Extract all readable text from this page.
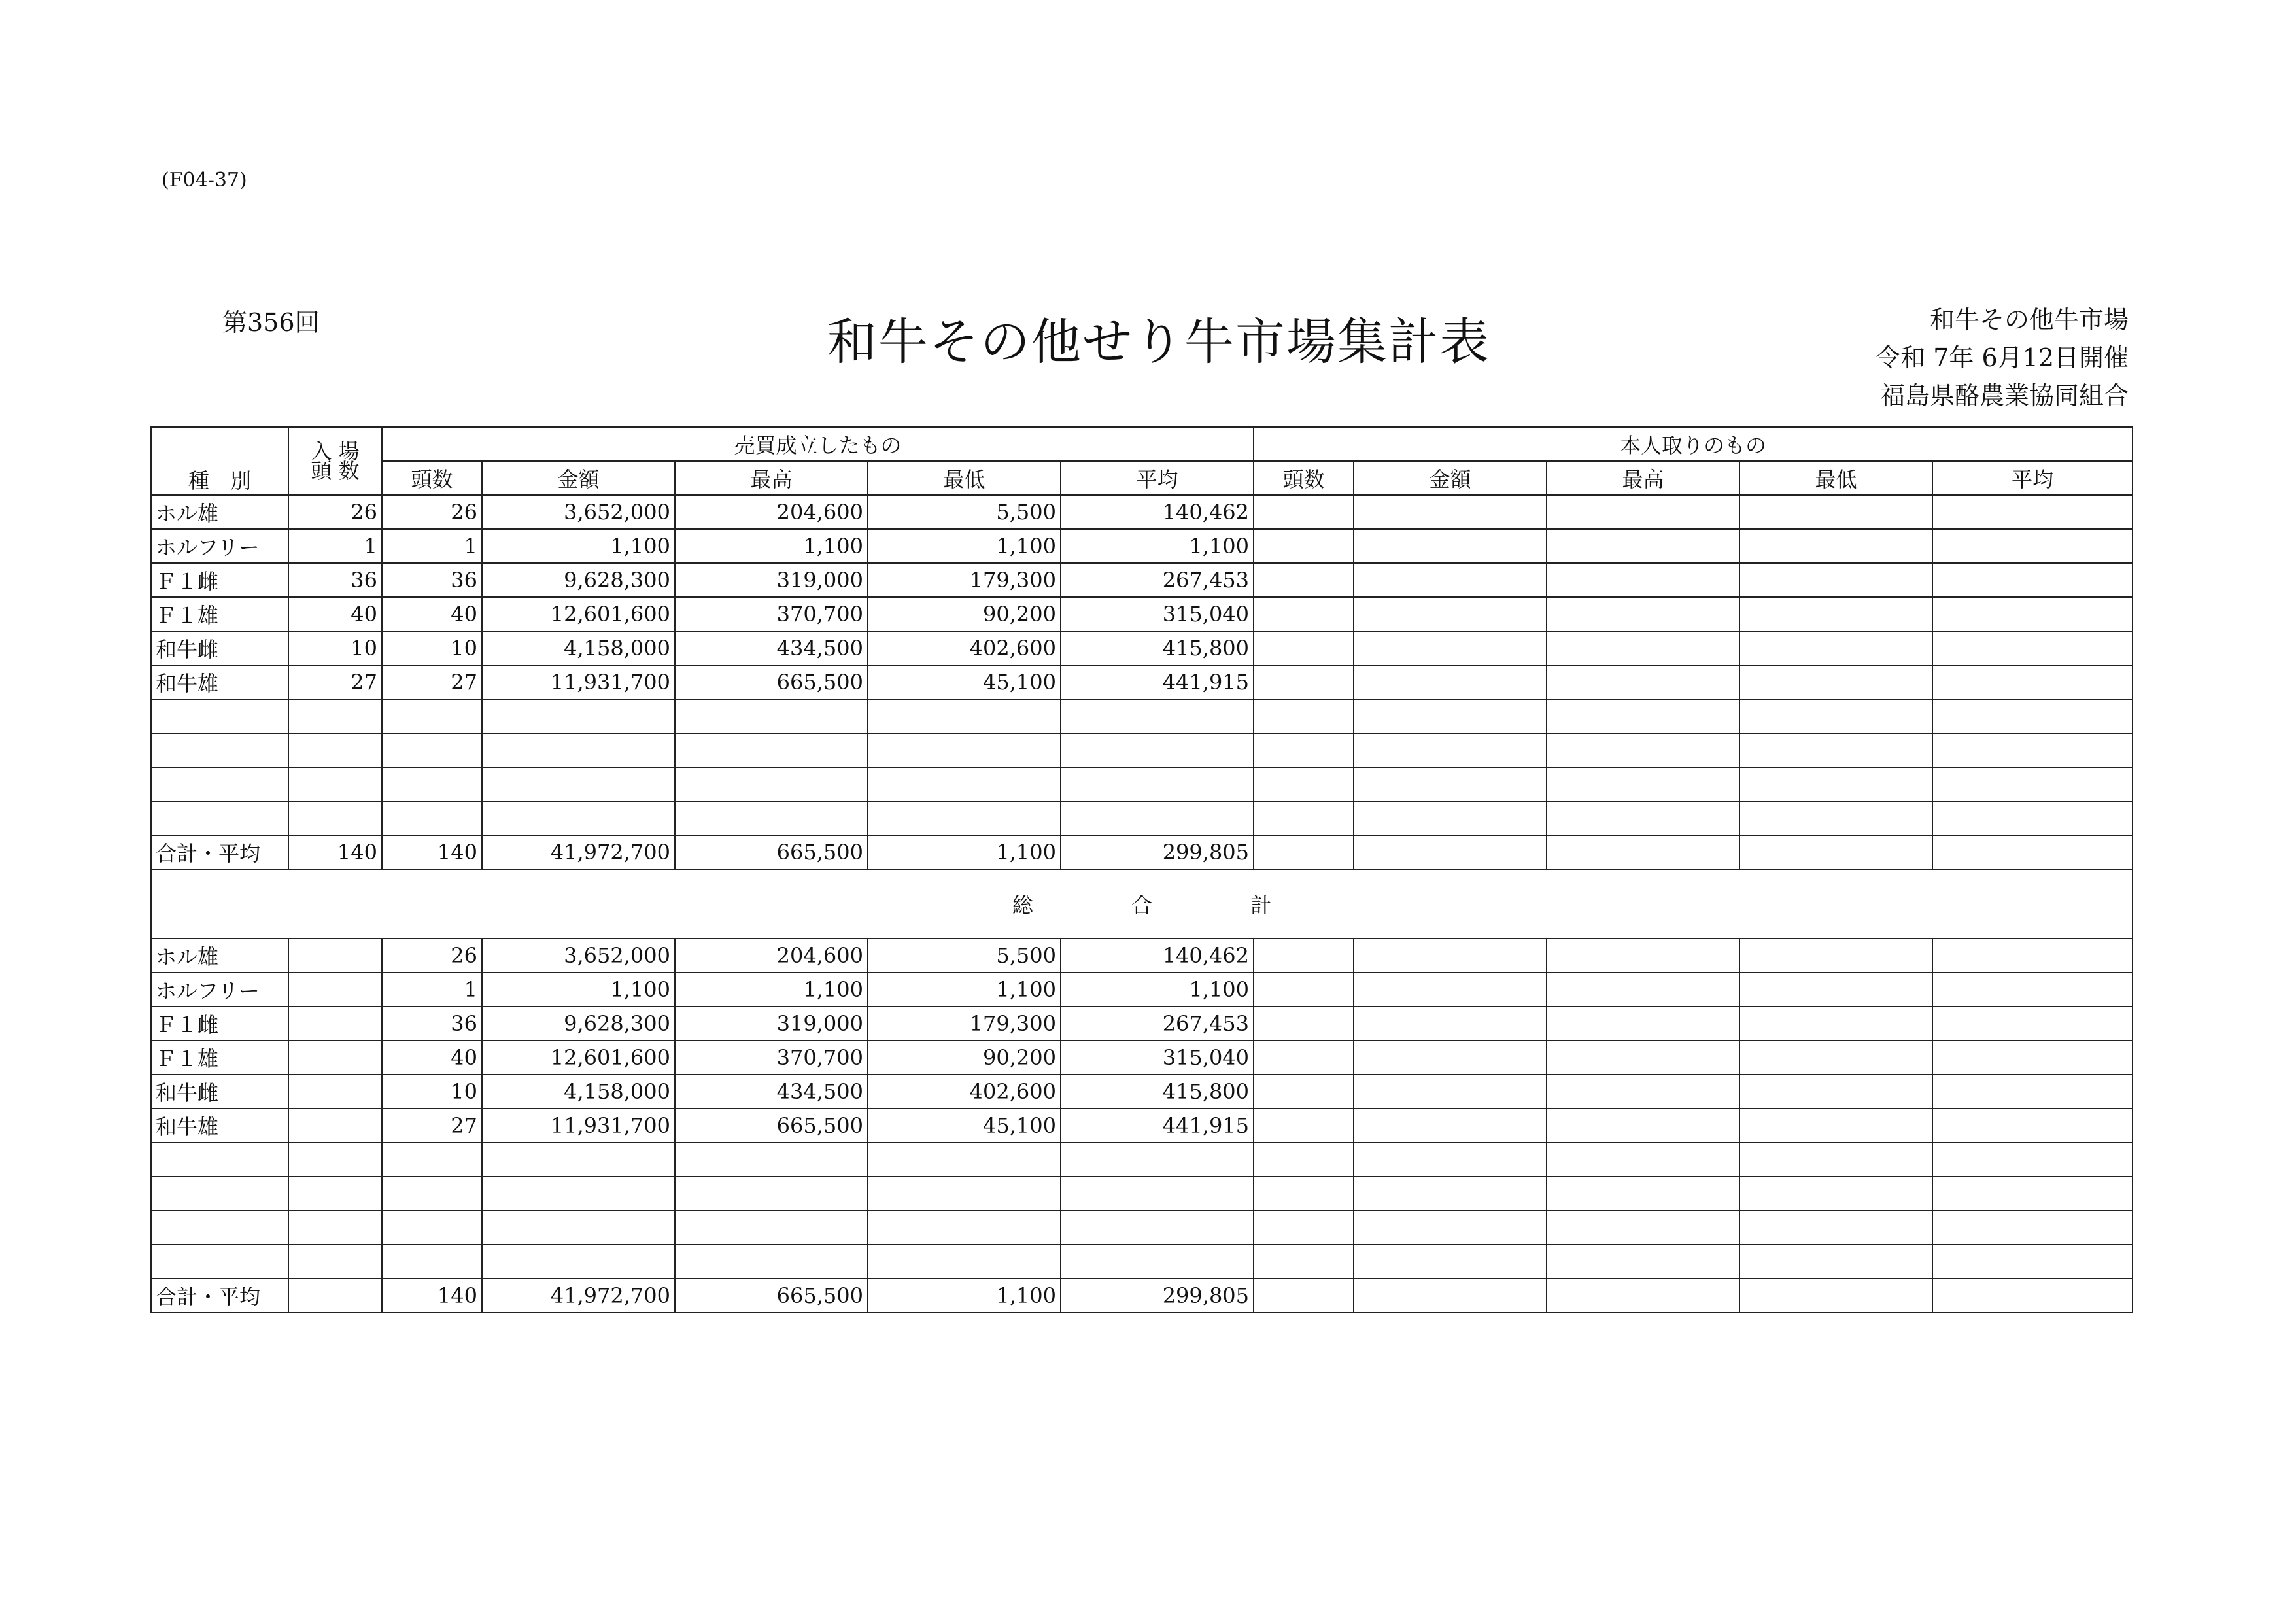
(F04-37)
第356回	和牛その他せり牛市場集計表	和牛その他牛市場
令和 7年 6月12日開催
福島県酪農業協同組合
種　別	入 場
頭 数	売買成立したもの					本人取りのもの				
		頭数	金額	最高	最低	平均	頭数	金額	最高	最低	平均
ホル雄	26	26	3,652,000	204,600	5,500	140,462					
ホルフリー	1	1	1,100	1,100	1,100	1,100					
Ｆ１雌	36	36	9,628,300	319,000	179,300	267,453					
Ｆ１雄	40	40	12,601,600	370,700	90,200	315,040					
和牛雌	10	10	4,158,000	434,500	402,600	415,800					
和牛雄	27	27	11,931,700	665,500	45,100	441,915					

合計・平均	140	140	41,972,700	665,500	1,100	299,805					
総 合 計											
ホル雄		26	3,652,000	204,600	5,500	140,462					
ホルフリー		1	1,100	1,100	1,100	1,100					
Ｆ１雌		36	9,628,300	319,000	179,300	267,453					
Ｆ１雄		40	12,601,600	370,700	90,200	315,040					
和牛雌		10	4,158,000	434,500	402,600	415,800					
和牛雄		27	11,931,700	665,500	45,100	441,915					

合計・平均		140	41,972,700	665,500	1,100	299,805					
